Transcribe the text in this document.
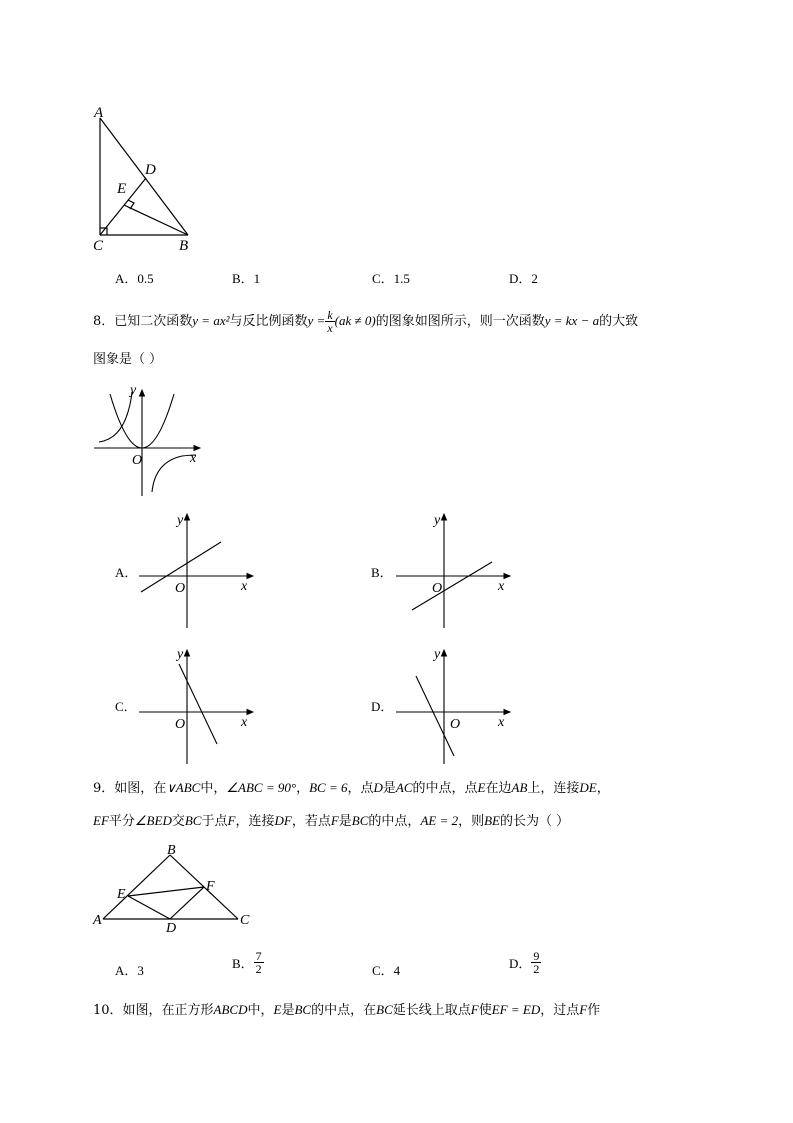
A
D
E
C	B
A．0.5	B．1	C．1.5	D．2
8．已知二次函数y = ax²与反比例函数$y = \frac{k}{x} (ak \ne 0)$的图象如图所示，则一次函数y = kx − a的大致
图象是（ ）
O	x
y
A．
O	x
y
B．
O	x
y
C．
O	x
y
D．
O	x
y
9．如图，在∨ABC中，∠ABC = 90°，BC = 6，点D是AC的中点，点E在边AB上，连接DE，
EF平分∠BED交BC于点F，连接DF，若点F是BC的中点，AE = 2，则BE的长为（ ）
B
E
F
A
D
C
A．3	B． $\frac{7}{2}$	C．4	D． $\frac{9}{2}$
10．如图，在正方形ABCD中，E是BC的中点，在BC延长线上取点F使EF = ED，过点F作
